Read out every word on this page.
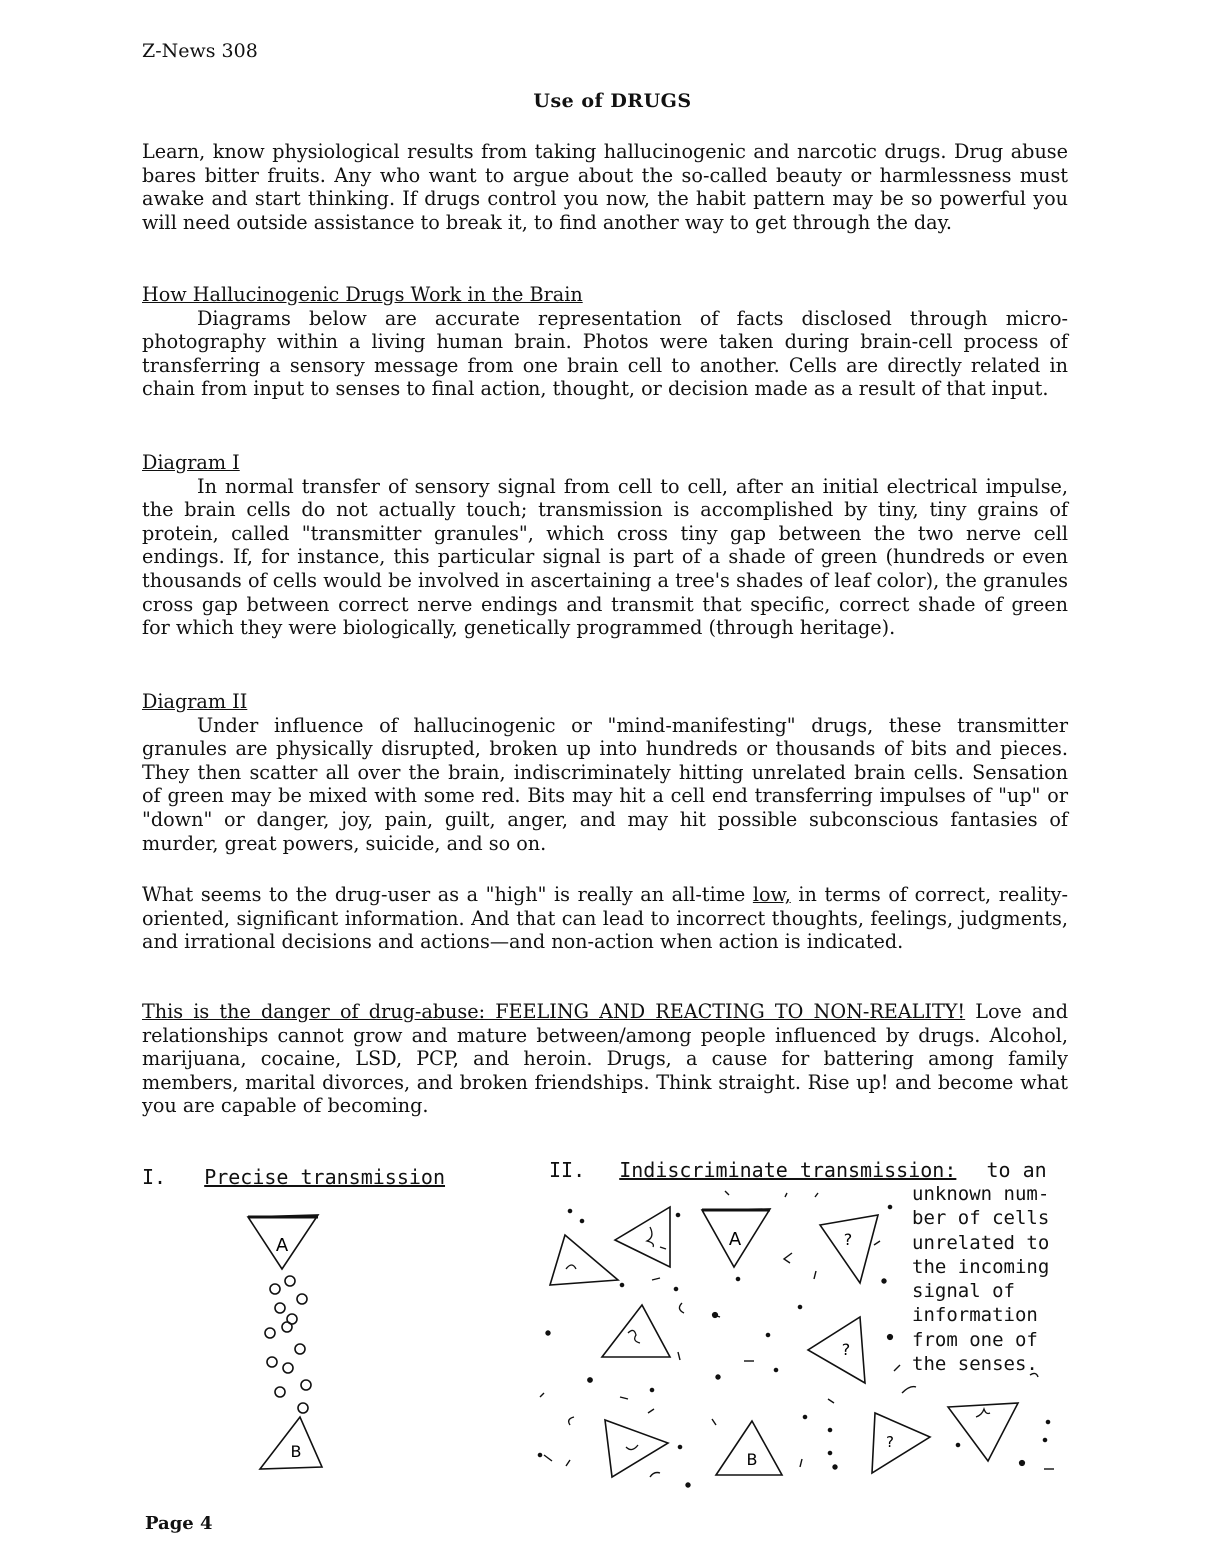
Z-News 308
Use of DRUGS

Learn, know physiological results from taking hallucinogenic and narcotic drugs. Drug abuse bares bitter fruits. Any who want to argue about the so-called beauty or harmlessness must awake and start thinking. If drugs control you now, the habit pattern may be so powerful you will need outside assistance to break it, to find another way to get through the day.

How Hallucinogenic Drugs Work in the Brain

Diagrams below are accurate representation of facts disclosed through micro-photography within a living human brain. Photos were taken during brain-cell process of transferring a sensory message from one brain cell to another. Cells are directly related in chain from input to senses to final action, thought, or decision made as a result of that input.

Diagram I

In normal transfer of sensory signal from cell to cell, after an initial electrical impulse, the brain cells do not actually touch; transmission is accomplished by tiny, tiny grains of protein, called "transmitter granules", which cross tiny gap between the two nerve cell endings. If, for instance, this particular signal is part of a shade of green (hundreds or even thousands of cells would be involved in ascertaining a tree's shades of leaf color), the granules cross gap between correct nerve endings and transmit that specific, correct shade of green for which they were biologically, genetically programmed (through heritage).

Diagram II

Under influence of hallucinogenic or "mind-manifesting" drugs, these transmitter granules are physically disrupted, broken up into hundreds or thousands of bits and pieces. They then scatter all over the brain, indiscriminately hitting unrelated brain cells. Sensation of green may be mixed with some red. Bits may hit a cell end transferring impulses of "up" or "down" or danger, joy, pain, guilt, anger, and may hit possible subconscious fantasies of murder, great powers, suicide, and so on.

What seems to the drug-user as a "high" is really an all-time low, in terms of correct, reality-oriented, significant information. And that can lead to incorrect thoughts, feelings, judgments, and irrational decisions and actions—and non-action when action is indicated.

This is the danger of drug-abuse: FEELING AND REACTING TO NON-REALITY! Love and relationships cannot grow and mature between/among people influenced by drugs. Alcohol, marijuana, cocaine, LSD, PCP, and heroin. Drugs, a cause for battering among family members, marital divorces, and broken friendships. Think straight. Rise up! and become what you are capable of becoming.

I. Precise transmission
A
B
II. Indiscriminate transmission: to an
unknown num-
ber of cells
unrelated to
the incoming
signal of
information
from one of
the senses.
A
B
?
?
?
Page 4
